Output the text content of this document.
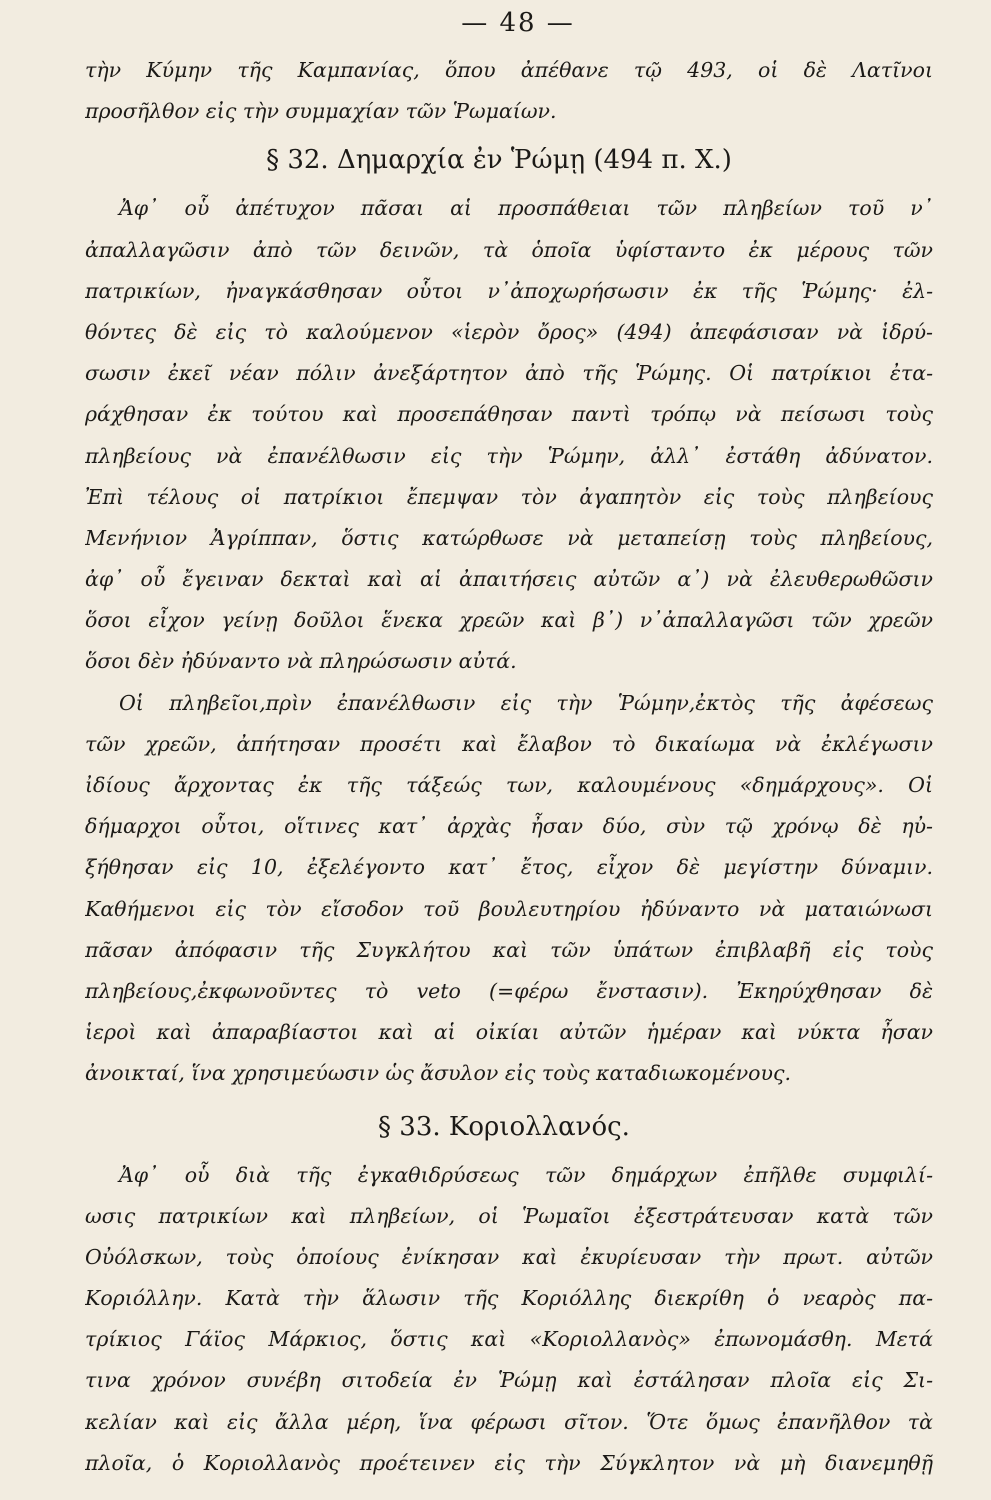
— 48 —
τὴν Κύμην τῆς Καμπανίας, ὅπου ἀπέθανε τῷ 493, οἱ δὲ Λατῖνοι
προσῆλθον εἰς τὴν συμμαχίαν τῶν Ῥωμαίων.
§ 32. Δημαρχία ἐν Ῥώμῃ (494 π. Χ.)
Ἀφ᾽ οὗ ἀπέτυχον πᾶσαι αἱ προσπάθειαι τῶν πληβείων τοῦ ν᾽
ἀπαλλαγῶσιν ἀπὸ τῶν δεινῶν, τὰ ὁποῖα ὑφίσταντο ἐκ μέρους τῶν
πατρικίων, ἠναγκάσθησαν οὗτοι ν᾽ἀποχωρήσωσιν ἐκ τῆς Ῥώμης· ἐλ-
θόντες δὲ εἰς τὸ καλούμενον «ἱερὸν ὄρος» (494) ἀπεφάσισαν νὰ ἱδρύ-
σωσιν ἐκεῖ νέαν πόλιν ἀνεξάρτητον ἀπὸ τῆς Ῥώμης. Οἱ πατρίκιοι ἐτα-
ράχθησαν ἐκ τούτου καὶ προσεπάθησαν παντὶ τρόπῳ νὰ πείσωσι τοὺς
πληβείους νὰ ἐπανέλθωσιν εἰς τὴν Ῥώμην, ἀλλ᾽ ἐστάθη ἀδύνατον.
Ἐπὶ τέλους οἱ πατρίκιοι ἔπεμψαν τὸν ἀγαπητὸν εἰς τοὺς πληβείους
Μενήνιον Ἀγρίππαν, ὅστις κατώρθωσε νὰ μεταπείσῃ τοὺς πληβείους,
ἀφ᾽ οὗ ἔγειναν δεκταὶ καὶ αἱ ἀπαιτήσεις αὐτῶν α᾽) νὰ ἐλευθερωθῶσιν
ὅσοι εἶχον γείνῃ δοῦλοι ἕνεκα χρεῶν καὶ β᾽) ν᾽ἀπαλλαγῶσι τῶν χρεῶν
ὅσοι δὲν ἠδύναντο νὰ πληρώσωσιν αὐτά.
Οἱ πληβεῖοι,πρὶν ἐπανέλθωσιν εἰς τὴν Ῥώμην,ἐκτὸς τῆς ἀφέσεως
τῶν χρεῶν, ἀπήτησαν προσέτι καὶ ἔλαβον τὸ δικαίωμα νὰ ἐκλέγωσιν
ἰδίους ἄρχοντας ἐκ τῆς τάξεώς των, καλουμένους «δημάρχους». Οἱ
δήμαρχοι οὗτοι, οἵτινες κατ᾽ ἀρχὰς ἦσαν δύο, σὺν τῷ χρόνῳ δὲ ηὐ-
ξήθησαν εἰς 10, ἐξελέγοντο κατ᾽ ἔτος, εἶχον δὲ μεγίστην δύναμιν.
Καθήμενοι εἰς τὸν εἴσοδον τοῦ βουλευτηρίου ἠδύναντο νὰ ματαιώνωσι
πᾶσαν ἀπόφασιν τῆς Συγκλήτου καὶ τῶν ὑπάτων ἐπιβλαβῆ εἰς τοὺς
πληβείους,ἐκφωνοῦντες τὸ veto (=φέρω ἔνστασιν). Ἐκηρύχθησαν δὲ
ἱεροὶ καὶ ἀπαραβίαστοι καὶ αἱ οἰκίαι αὐτῶν ἡμέραν καὶ νύκτα ἦσαν
ἀνοικταί, ἵνα χρησιμεύωσιν ὡς ἄσυλον εἰς τοὺς καταδιωκομένους.
§ 33. Κοριολλανός.
Ἀφ᾽ οὗ διὰ τῆς ἐγκαθιδρύσεως τῶν δημάρχων ἐπῆλθε συμφιλί-
ωσις πατρικίων καὶ πληβείων, οἱ Ῥωμαῖοι ἐξεστράτευσαν κατὰ τῶν
Οὐόλσκων, τοὺς ὁποίους ἐνίκησαν καὶ ἐκυρίευσαν τὴν πρωτ. αὐτῶν
Κοριόλλην. Κατὰ τὴν ἅλωσιν τῆς Κοριόλλης διεκρίθη ὁ νεαρὸς πα-
τρίκιος Γάϊος Μάρκιος, ὅστις καὶ «Κοριολλανὸς» ἐπωνομάσθη. Μετά
τινα χρόνον συνέβη σιτοδεία ἐν Ῥώμῃ καὶ ἐστάλησαν πλοῖα εἰς Σι-
κελίαν καὶ εἰς ἄλλα μέρη, ἵνα φέρωσι σῖτον. Ὅτε ὅμως ἐπανῆλθον τὰ
πλοῖα, ὁ Κοριολλανὸς προέτεινεν εἰς τὴν Σύγκλητον νὰ μὴ διανεμηθῇ
